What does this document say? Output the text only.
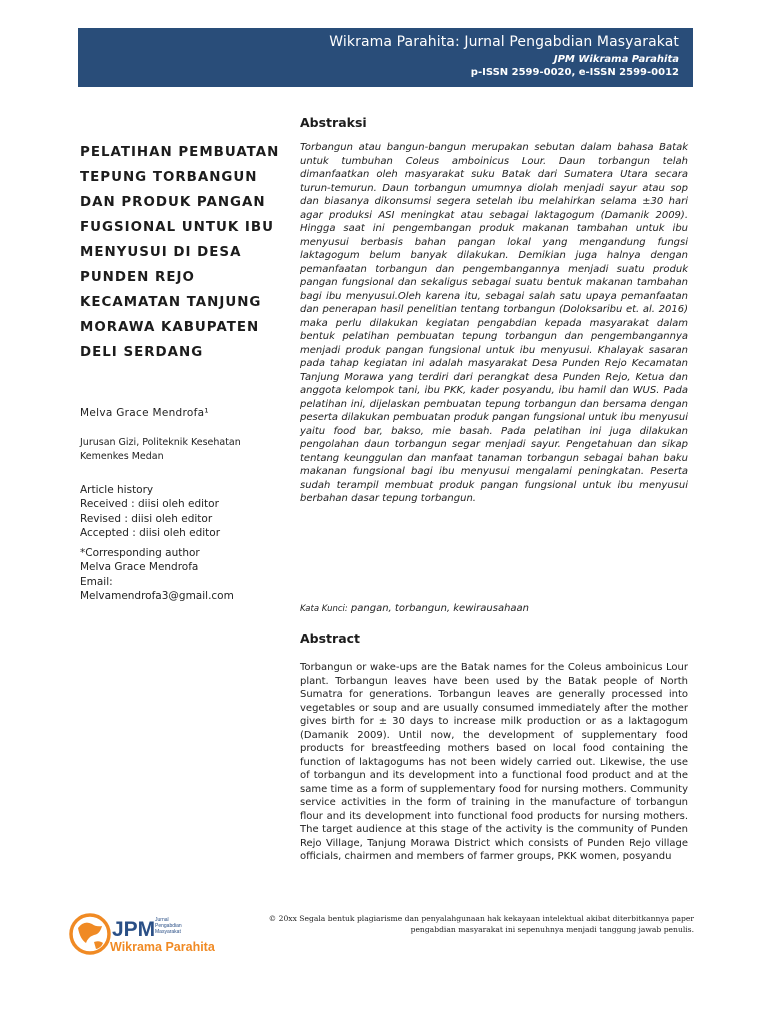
Wikrama Parahita: Jurnal Pengabdian Masyarakat
JPM Wikrama Parahita
p-ISSN 2599-0020, e-ISSN 2599-0012
PELATIHAN PEMBUATAN
TEPUNG TORBANGUN
DAN PRODUK PANGAN
FUGSIONAL UNTUK IBU
MENYUSUI DI DESA
PUNDEN REJO
KECAMATAN TANJUNG
MORAWA KABUPATEN
DELI SERDANG
Melva Grace Mendrofa¹
Jurusan Gizi, Politeknik Kesehatan
Kemenkes Medan
Article history
Received : diisi oleh editor
Revised : diisi oleh editor
Accepted : diisi oleh editor
*Corresponding author
Melva Grace Mendrofa
Email:
Melvamendrofa3@gmail.com
Abstraksi

Torbangun atau bangun-bangun merupakan sebutan dalam bahasa Batak untuk tumbuhan Coleus amboinicus Lour. Daun torbangun telah dimanfaatkan oleh masyarakat suku Batak dari Sumatera Utara secara turun-temurun. Daun torbangun umumnya diolah menjadi sayur atau sop dan biasanya dikonsumsi segera setelah ibu melahirkan selama ±30 hari agar produksi ASI meningkat atau sebagai laktagogum (Damanik 2009). Hingga saat ini pengembangan produk makanan tambahan untuk ibu menyusui berbasis bahan pangan lokal yang mengandung fungsi laktagogum belum banyak dilakukan. Demikian juga halnya dengan pemanfaatan torbangun dan pengembangannya menjadi suatu produk pangan fungsional dan sekaligus sebagai suatu bentuk makanan tambahan bagi ibu menyusui.Oleh karena itu, sebagai salah satu upaya pemanfaatan dan penerapan hasil penelitian tentang torbangun (Doloksaribu et. al. 2016) maka perlu dilakukan kegiatan pengabdian kepada masyarakat dalam bentuk pelatihan pembuatan tepung torbangun dan pengembangannya menjadi produk pangan fungsional untuk ibu menyusui. Khalayak sasaran pada tahap kegiatan ini adalah masyarakat Desa Punden Rejo Kecamatan Tanjung Morawa yang terdiri dari perangkat desa Punden Rejo, Ketua dan anggota kelompok tani, ibu PKK, kader posyandu, ibu hamil dan WUS. Pada pelatihan ini, dijelaskan pembuatan tepung torbangun dan bersama dengan peserta dilakukan pembuatan produk pangan fungsional untuk ibu menyusui yaitu food bar, bakso, mie basah. Pada pelatihan ini juga dilakukan pengolahan daun torbangun segar menjadi sayur. Pengetahuan dan sikap tentang keunggulan dan manfaat tanaman torbangun sebagai bahan baku makanan fungsional bagi ibu menyusui mengalami peningkatan. Peserta sudah terampil membuat produk pangan fungsional untuk ibu menyusui berbahan dasar tepung torbangun.

Kata Kunci: pangan, torbangun, kewirausahaan
Abstract

Torbangun or wake-ups are the Batak names for the Coleus amboinicus Lour plant. Torbangun leaves have been used by the Batak people of North Sumatra for generations. Torbangun leaves are generally processed into vegetables or soup and are usually consumed immediately after the mother gives birth for ± 30 days to increase milk production or as a laktagogum (Damanik 2009). Until now, the development of supplementary food products for breastfeeding mothers based on local food containing the function of laktagogums has not been widely carried out. Likewise, the use of torbangun and its development into a functional food product and at the same time as a form of supplementary food for nursing mothers. Community service activities in the form of training in the manufacture of torbangun flour and its development into functional food products for nursing mothers. The target audience at this stage of the activity is the community of Punden Rejo Village, Tanjung Morawa District which consists of Punden Rejo village officials, chairmen and members of farmer groups, PKK women, posyandu

JPM Jurnal
Pengabdian
Masyarakat
Wikrama Parahita
© 20xx Segala bentuk plagiarisme dan penyalahgunaan hak kekayaan intelektual akibat diterbitkannya paper pengabdian masyarakat ini sepenuhnya menjadi tanggung jawab penulis.
